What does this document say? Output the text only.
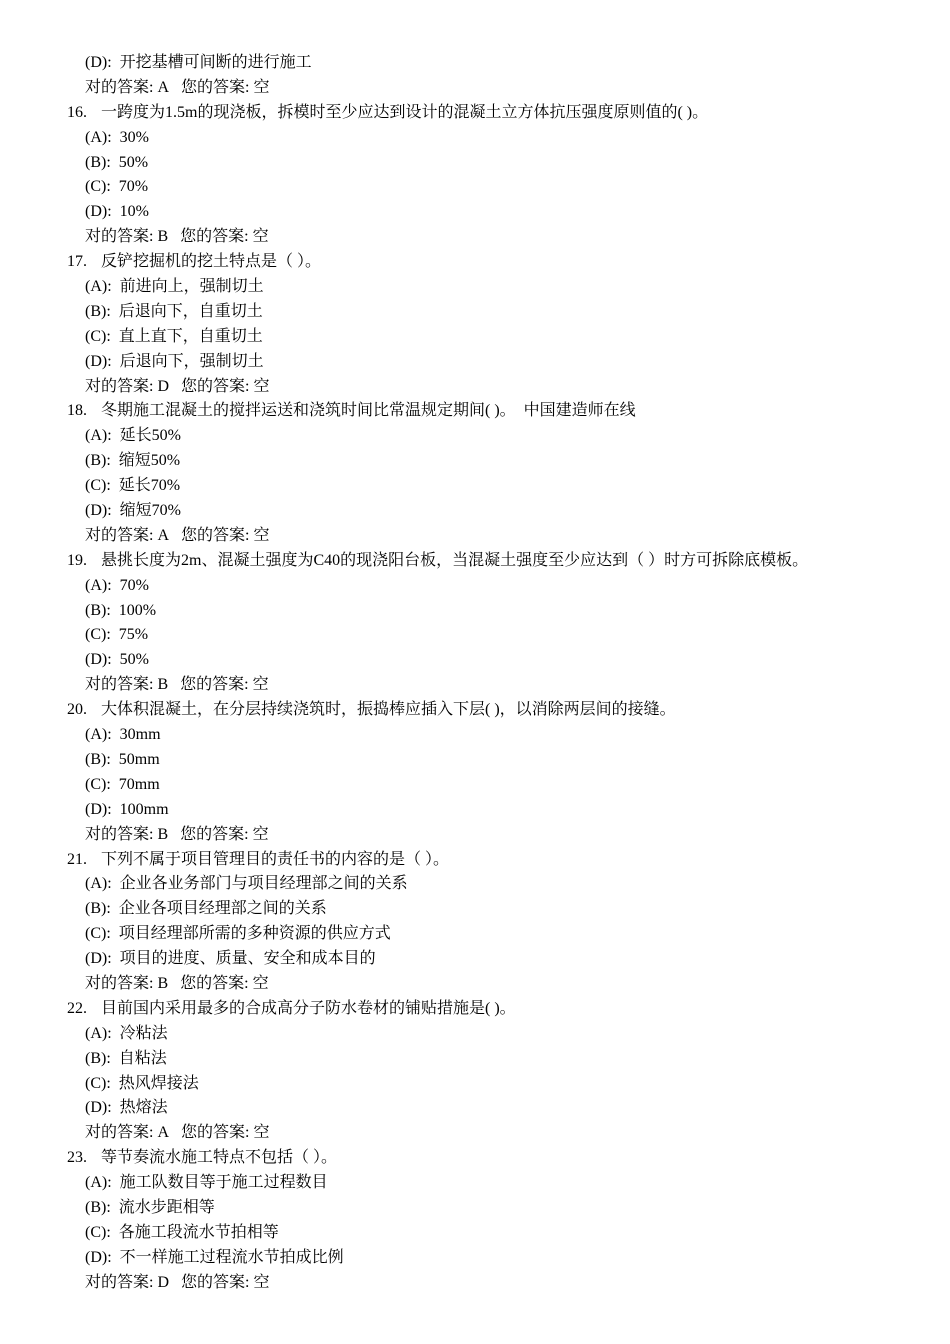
(D): 开挖基槽可间断的进行施工
对的答案: A 您的答案: 空
16. 一跨度为1.5m的现浇板，拆模时至少应达到设计的混凝土立方体抗压强度原则值的( )。
(A): 30%
(B): 50%
(C): 70%
(D): 10%
对的答案: B 您的答案: 空
17. 反铲挖掘机的挖土特点是（ ）。
(A): 前进向上，强制切土
(B): 后退向下，自重切土
(C): 直上直下，自重切土
(D): 后退向下，强制切土
对的答案: D 您的答案: 空
18. 冬期施工混凝土的搅拌运送和浇筑时间比常温规定期间( )。　中国建造师在线
(A): 延长50%
(B): 缩短50%
(C): 延长70%
(D): 缩短70%
对的答案: A 您的答案: 空
19. 悬挑长度为2m、混凝土强度为C40的现浇阳台板，当混凝土强度至少应达到（ ）时方可拆除底模板。
(A): 70%
(B): 100%
(C): 75%
(D): 50%
对的答案: B 您的答案: 空
20. 大体积混凝土，在分层持续浇筑时，振捣棒应插入下层( )，以消除两层间的接缝。
(A): 30mm
(B): 50mm
(C): 70mm
(D): 100mm
对的答案: B 您的答案: 空
21. 下列不属于项目管理目的责任书的内容的是（ ）。
(A): 企业各业务部门与项目经理部之间的关系
(B): 企业各项目经理部之间的关系
(C): 项目经理部所需的多种资源的供应方式
(D): 项目的进度、质量、安全和成本目的
对的答案: B 您的答案: 空
22. 目前国内采用最多的合成高分子防水卷材的铺贴措施是( )。
(A): 冷粘法
(B): 自粘法
(C): 热风焊接法
(D): 热熔法
对的答案: A 您的答案: 空
23. 等节奏流水施工特点不包括（ ）。
(A): 施工队数目等于施工过程数目
(B): 流水步距相等
(C): 各施工段流水节拍相等
(D): 不一样施工过程流水节拍成比例
对的答案: D 您的答案: 空
